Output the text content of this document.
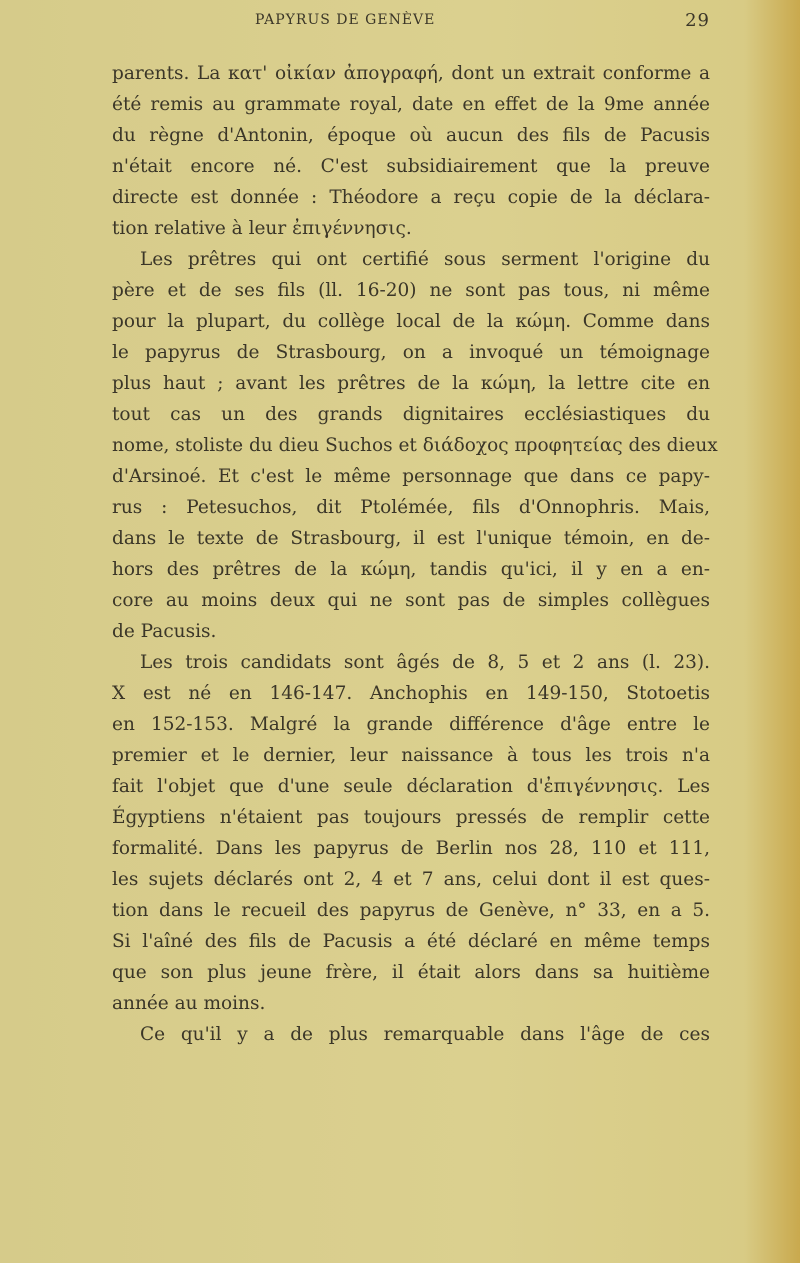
PAPYRUS DE GENÈVE	29
parents. La κατ' οἰκίαν ἀπογραφή, dont un extrait conforme a
été remis au grammate royal, date en effet de la 9me année
du règne d'Antonin, époque où aucun des fils de Pacusis
n'était encore né. C'est subsidiairement que la preuve
directe est donnée : Théodore a reçu copie de la déclara-
tion relative à leur ἐπιγέννησις.
Les prêtres qui ont certifié sous serment l'origine du
père et de ses fils (ll. 16-20) ne sont pas tous, ni même
pour la plupart, du collège local de la κώμη. Comme dans
le papyrus de Strasbourg, on a invoqué un témoignage
plus haut ; avant les prêtres de la κώμη, la lettre cite en
tout cas un des grands dignitaires ecclésiastiques du
nome, stoliste du dieu Suchos et διάδοχος προφητείας des dieux
d'Arsinoé. Et c'est le même personnage que dans ce papy-
rus : Petesuchos, dit Ptolémée, fils d'Onnophris. Mais,
dans le texte de Strasbourg, il est l'unique témoin, en de-
hors des prêtres de la κώμη, tandis qu'ici, il y en a en-
core au moins deux qui ne sont pas de simples collègues
de Pacusis.
Les trois candidats sont âgés de 8, 5 et 2 ans (l. 23).
X est né en 146-147. Anchophis en 149-150, Stotoetis
en 152-153. Malgré la grande différence d'âge entre le
premier et le dernier, leur naissance à tous les trois n'a
fait l'objet que d'une seule déclaration d'ἐπιγέννησις. Les
Égyptiens n'étaient pas toujours pressés de remplir cette
formalité. Dans les papyrus de Berlin nos 28, 110 et 111,
les sujets déclarés ont 2, 4 et 7 ans, celui dont il est ques-
tion dans le recueil des papyrus de Genève, n° 33, en a 5.
Si l'aîné des fils de Pacusis a été déclaré en même temps
que son plus jeune frère, il était alors dans sa huitième
année au moins.
Ce qu'il y a de plus remarquable dans l'âge de ces
